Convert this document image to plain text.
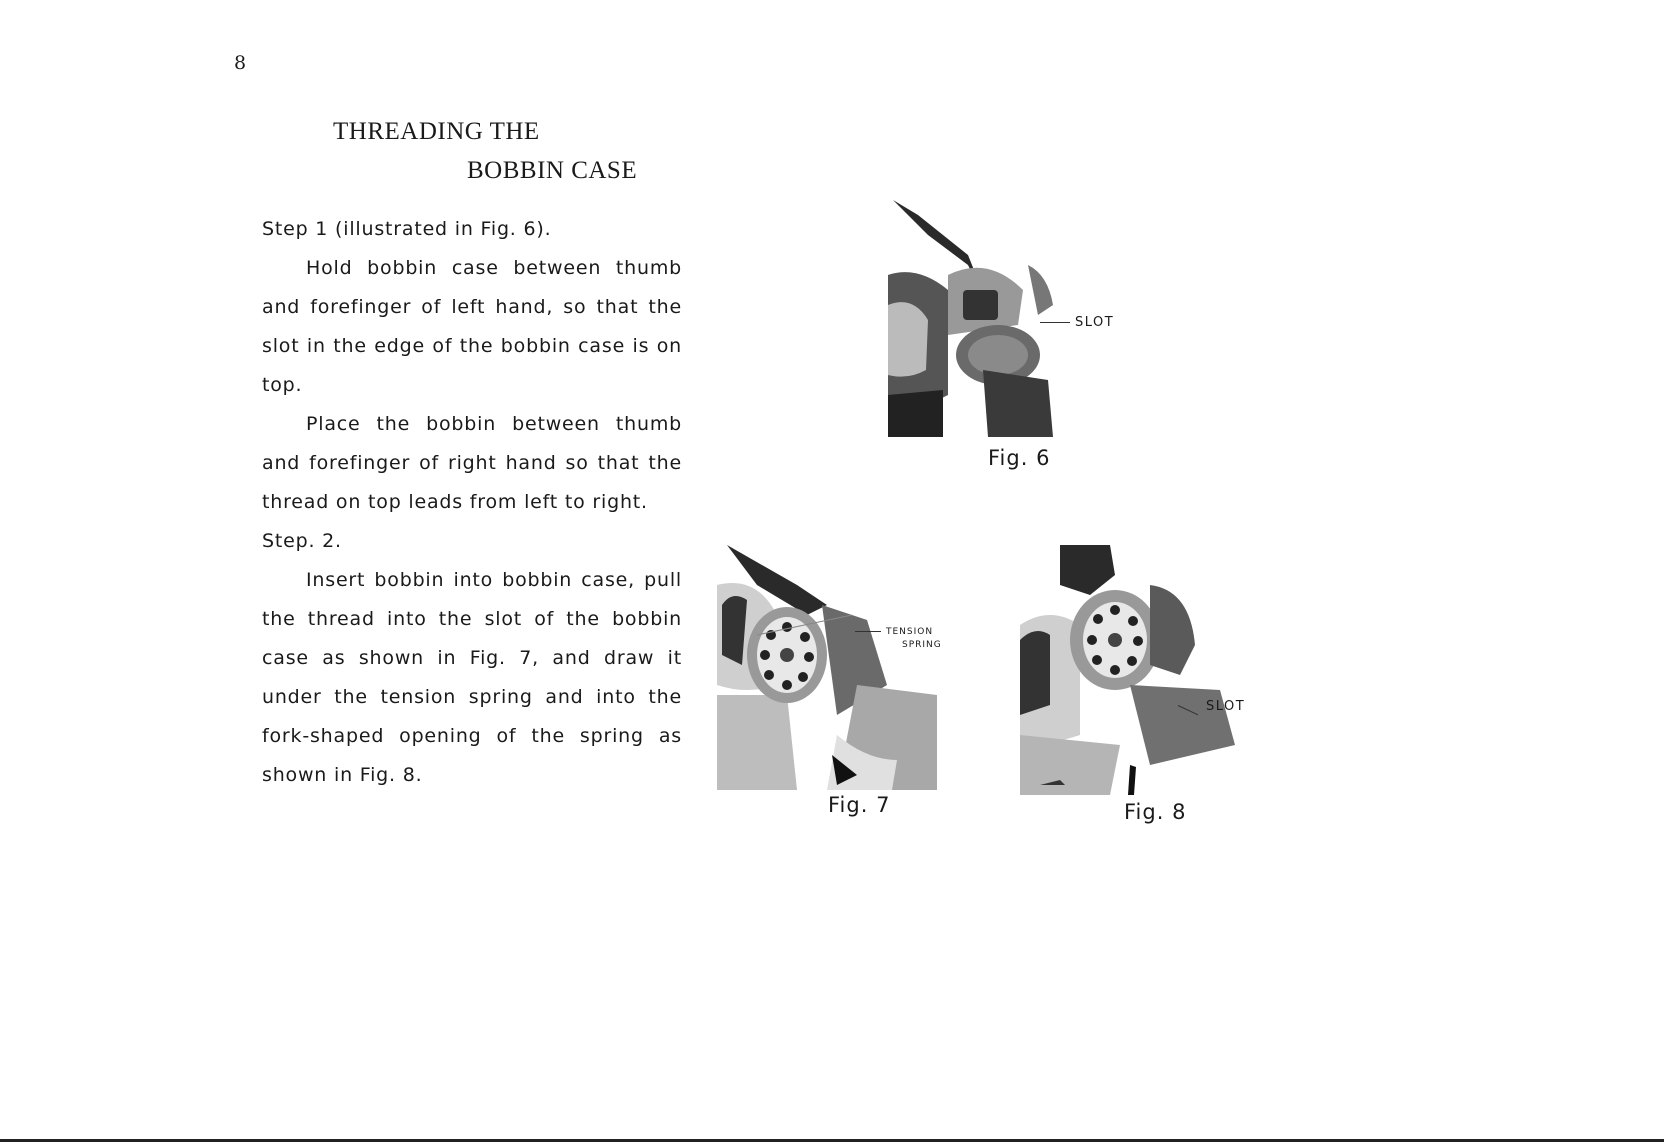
8
THREADING THE
BOBBIN CASE

Step 1 (illustrated in Fig. 6).

Hold bobbin case between thumb and forefinger of left hand, so that the slot in the edge of the bobbin case is on top.

Place the bobbin between thumb and forefinger of right hand so that the thread on top leads from left to right.

Step. 2.

Insert bobbin into bobbin case, pull the thread into the slot of the bobbin case as shown in Fig. 7, and draw it under the tension spring and into the fork-shaped opening of the spring as shown in Fig. 8.

SLOT
Fig. 6
TENSION
SPRING
Fig. 7
SLOT
Fig. 8
